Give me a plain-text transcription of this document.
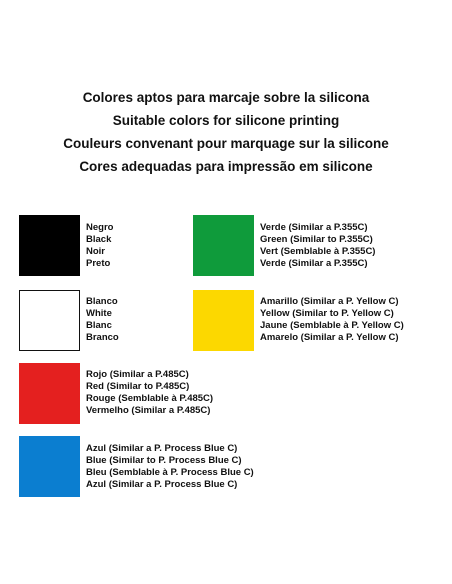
Colores aptos para marcaje sobre la silicona
Suitable colors for silicone printing
Couleurs convenant pour marquage sur la silicone
Cores adequadas para impressão em silicone
Negro
Black
Noir
Preto
Verde (Similar a P.355C)
Green (Similar to P.355C)
Vert (Semblable à P.355C)
Verde (Similar a P.355C)
Blanco
White
Blanc
Branco
Amarillo (Similar a P. Yellow C)
Yellow (Similar to P. Yellow C)
Jaune (Semblable à P. Yellow C)
Amarelo (Similar a P. Yellow C)
Rojo (Similar a P.485C)
Red (Similar to P.485C)
Rouge (Semblable à P.485C)
Vermelho (Similar a P.485C)
Azul (Similar a P. Process Blue C)
Blue (Similar to P. Process Blue C)
Bleu (Semblable à P. Process Blue C)
Azul (Similar a P. Process Blue C)
